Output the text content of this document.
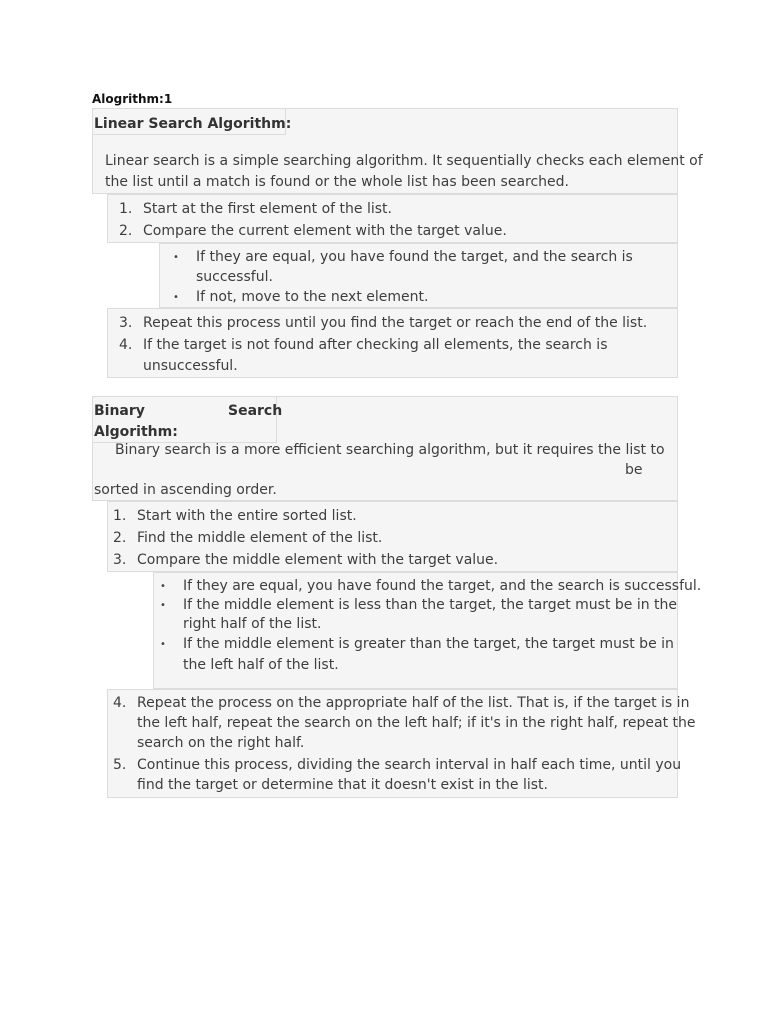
Alogrithm:1
Linear Search Algorithm:
Linear search is a simple searching algorithm. It sequentially checks each element of
the list until a match is found or the whole list has been searched.
1. Start at the first element of the list.
2. Compare the current element with the target value.
• If they are equal, you have found the target, and the search is
successful.
• If not, move to the next element.
3. Repeat this process until you find the target or reach the end of the list.
4. If the target is not found after checking all elements, the search is
unsuccessful.
Binary	Search
Algorithm:
Binary search is a more efficient searching algorithm, but it requires the list to
be
sorted in ascending order.
1. Start with the entire sorted list.
2. Find the middle element of the list.
3. Compare the middle element with the target value.
• If they are equal, you have found the target, and the search is successful.
• If the middle element is less than the target, the target must be in the
right half of the list.
• If the middle element is greater than the target, the target must be in
the left half of the list.
4. Repeat the process on the appropriate half of the list. That is, if the target is in
the left half, repeat the search on the left half; if it's in the right half, repeat the
search on the right half.
5. Continue this process, dividing the search interval in half each time, until you
find the target or determine that it doesn't exist in the list.
